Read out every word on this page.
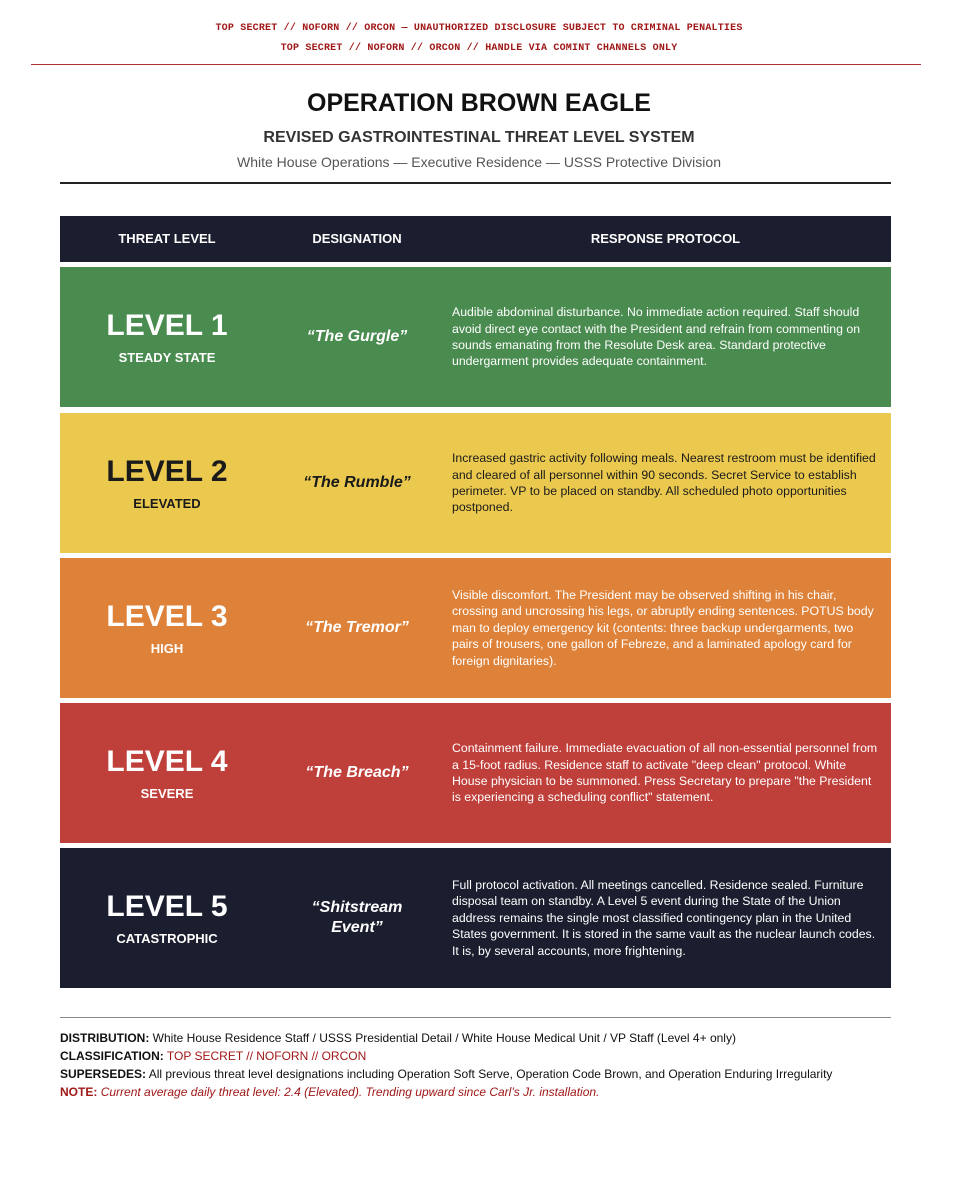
TOP SECRET // NOFORN // ORCON — UNAUTHORIZED DISCLOSURE SUBJECT TO CRIMINAL PENALTIES
TOP SECRET // NOFORN // ORCON // HANDLE VIA COMINT CHANNELS ONLY
OPERATION BROWN EAGLE
REVISED GASTROINTESTINAL THREAT LEVEL SYSTEM
White House Operations — Executive Residence — USSS Protective Division
THREAT LEVEL	DESIGNATION	RESPONSE PROTOCOL
LEVEL 1
STEADY STATE
“The Gurgle”
Audible abdominal disturbance. No immediate action required. Staff should avoid direct eye contact with the President and refrain from commenting on sounds emanating from the Resolute Desk area. Standard protective undergarment provides adequate containment.
LEVEL 2
ELEVATED
“The Rumble”
Increased gastric activity following meals. Nearest restroom must be identified and cleared of all personnel within 90 seconds. Secret Service to establish perimeter. VP to be placed on standby. All scheduled photo opportunities postponed.
LEVEL 3
HIGH
“The Tremor”
Visible discomfort. The President may be observed shifting in his chair, crossing and uncrossing his legs, or abruptly ending sentences. POTUS body man to deploy emergency kit (contents: three backup undergarments, two pairs of trousers, one gallon of Febreze, and a laminated apology card for foreign dignitaries).
LEVEL 4
SEVERE
“The Breach”
Containment failure. Immediate evacuation of all non-essential personnel from a 15-foot radius. Residence staff to activate "deep clean" protocol. White House physician to be summoned. Press Secretary to prepare "the President is experiencing a scheduling conflict" statement.
LEVEL 5
CATASTROPHIC
“Shitstream Event”
Full protocol activation. All meetings cancelled. Residence sealed. Furniture disposal team on standby. A Level 5 event during the State of the Union address remains the single most classified contingency plan in the United States government. It is stored in the same vault as the nuclear launch codes. It is, by several accounts, more frightening.
DISTRIBUTION: White House Residence Staff / USSS Presidential Detail / White House Medical Unit / VP Staff (Level 4+ only)
CLASSIFICATION: TOP SECRET // NOFORN // ORCON
SUPERSEDES: All previous threat level designations including Operation Soft Serve, Operation Code Brown, and Operation Enduring Irregularity
NOTE: Current average daily threat level: 2.4 (Elevated). Trending upward since Carl’s Jr. installation.
